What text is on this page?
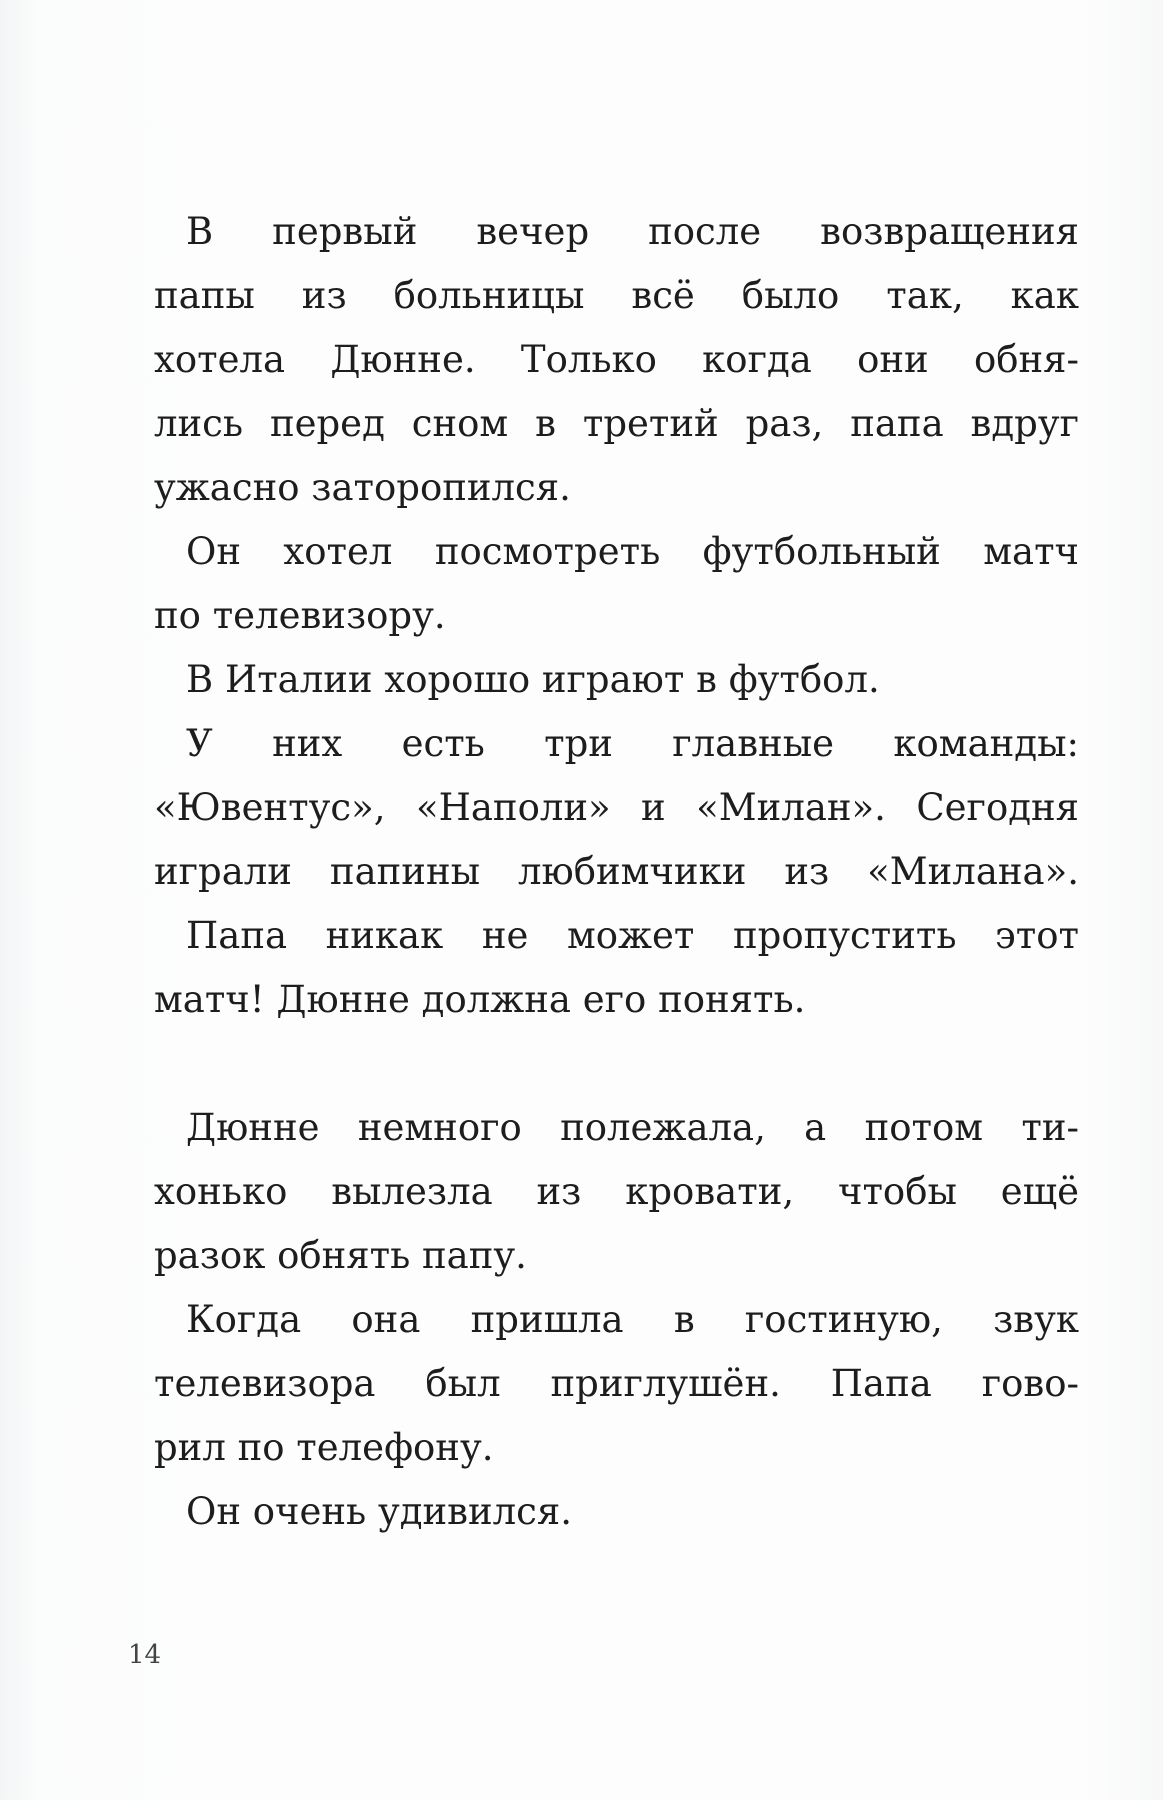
В первый вечер после возвращения
папы из больницы всё было так, как
хотела Дюнне. Только когда они обня-
лись перед сном в третий раз, папа вдруг
ужасно заторопился.
Он хотел посмотреть футбольный матч
по телевизору.
В Италии хорошо играют в футбол.
У них есть три главные команды:
«Ювентус», «Наполи» и «Милан». Сегодня
играли папины любимчики из «Милана».
Папа никак не может пропустить этот
матч! Дюнне должна его понять.
Дюнне немного полежала, а потом ти-
хонько вылезла из кровати, чтобы ещё
разок обнять папу.
Когда она пришла в гостиную, звук
телевизора был приглушён. Папа гово-
рил по телефону.
Он очень удивился.
14
